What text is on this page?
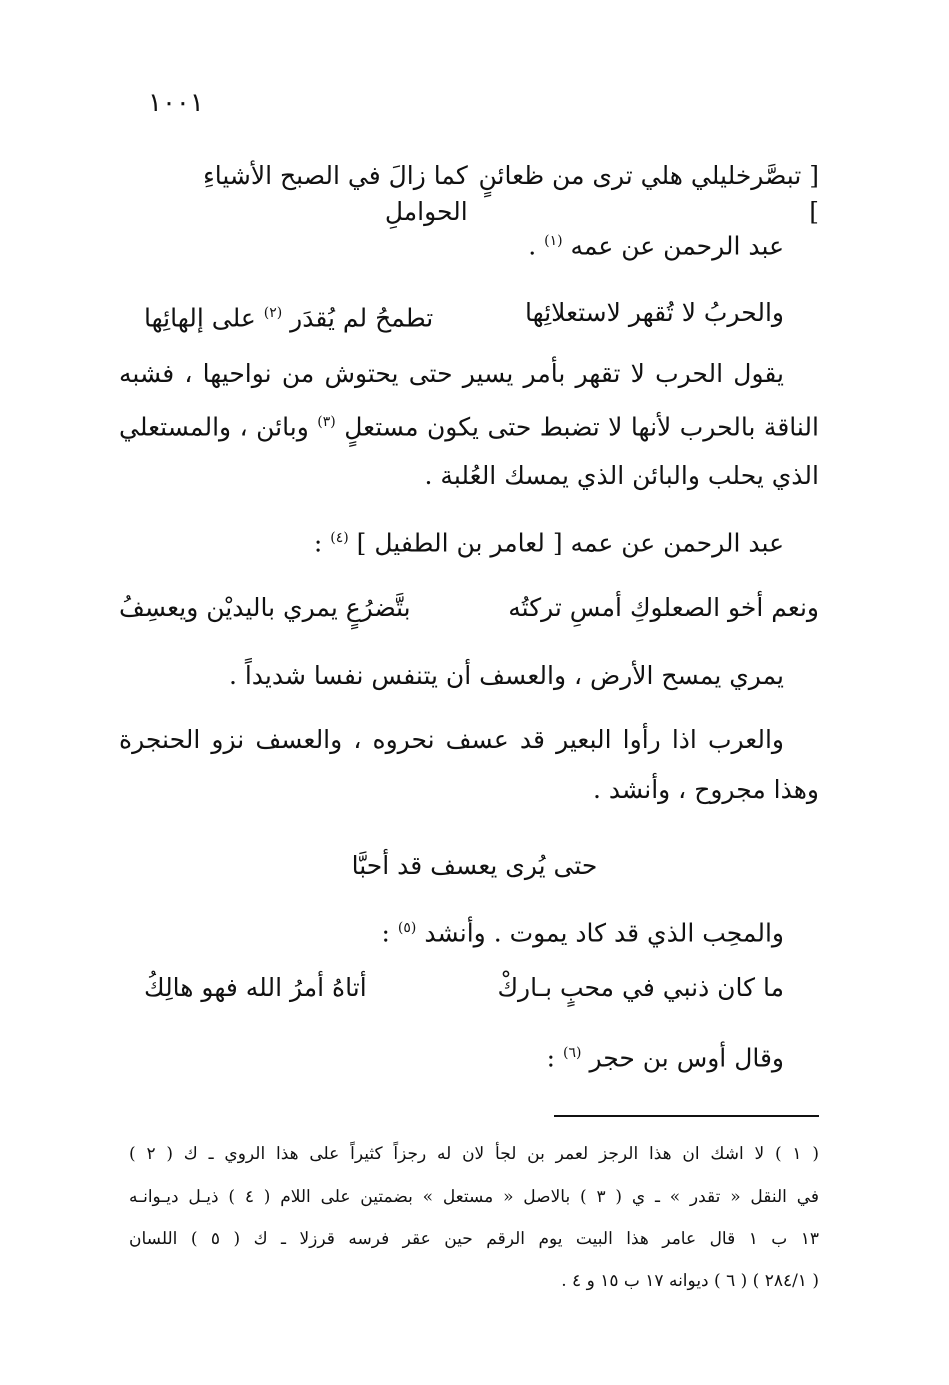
١٠٠١
[ تبصَّرخليلي هلي ترى من ظعائنٍ ]
كما زالَ في الصبح الأشياءِ الحواملِ
عبد الرحمن عن عمه $^{(١)}$ .
والحربُ لا تُقهر لاستعلائِها
تطمحُ لم يُقدَر $^{(٢)}$ على إلهائِها
يقول الحرب لا تقهر بأمر يسير حتى يحتوش من نواحيها ، فشبه
الناقة بالحرب لأنها لا تضبط حتى يكون مستعلٍ $^{(٣)}$ وبائن ، والمستعلي
الذي يحلب والبائن الذي يمسك العُلبة .
عبد الرحمن عن عمه [ لعامر بن الطفيل ] $^{(٤)}$ :
ونعم أخو الصعلوكِ أمسِ تركتُه
بتَّضرُعٍ يمري باليديْن ويعسِفُ
يمري يمسح الأرض ، والعسف أن يتنفس نفسا شديداً .
والعرب اذا رأوا البعير قد عسف نحروه ، والعسف نزو الحنجرة
وهذا مجروح ، وأنشد .
حتى يُرى يعسف قد أحبَّا
والمحِب الذي قد كاد يموت . وأنشد $^{(٥)}$ :
ما كان ذنبي في محبٍ بـاركْ
أتاهُ أمرُ الله فهو هالِكُ
وقال أوس بن حجر $^{(٦)}$ :
( ١ ) لا اشك ان هذا الرجز لعمر بن لجأ لان له رجزاً كثيراً على هذا الروي ـ ك ( ٢ )
في النقل « تقدر » ـ ي ( ٣ ) بالاصل « مستعل » بضمتين على اللام ( ٤ ) ذيـل ديـوانـه
١٣ ب ١ قال عامر هذا البيت يوم الرقم حين عقر فرسه قرزلا ـ ك ( ٥ ) اللسان
( ٢٨٤/١ ) ( ٦ ) ديوانه ١٧ ب ١٥ و ٤ .
